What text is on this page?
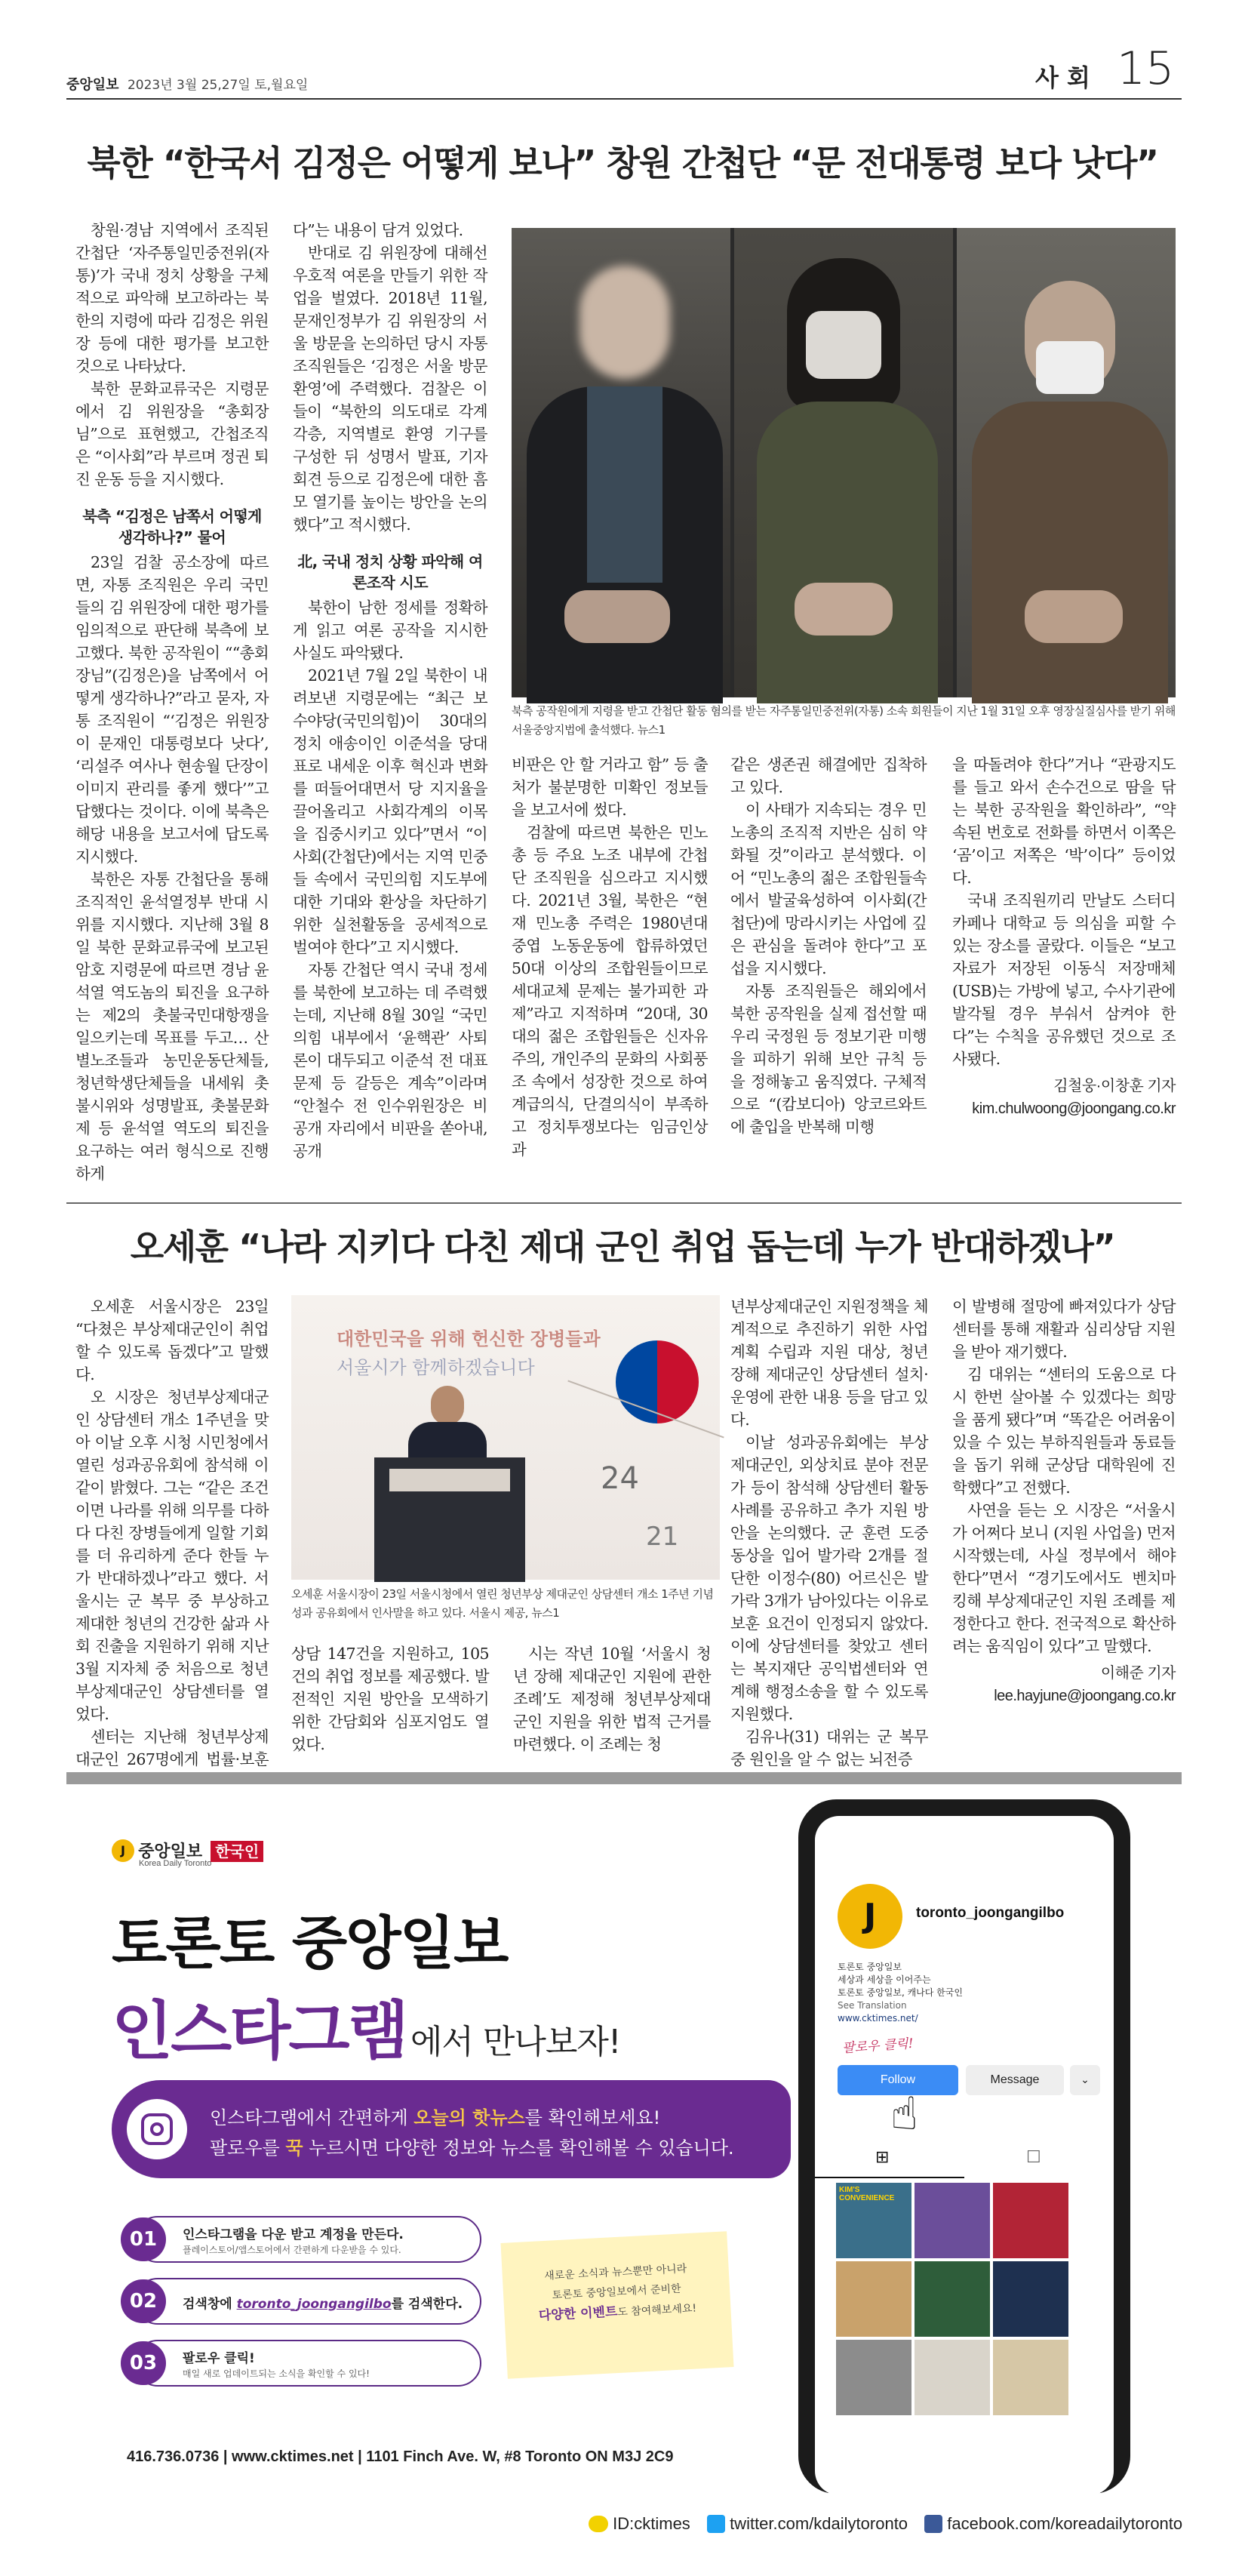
중앙일보 2023년 3월 25,27일 토,월요일	사 회 15
북한 “한국서 김정은 어떻게 보나” 창원 간첩단 “문 전대통령 보다 낫다”

창원·경남 지역에서 조직된 간첩단 ‘자주통일민중전위(자통)’가 국내 정치 상황을 구체적으로 파악해 보고하라는 북한의 지령에 따라 김정은 위원장 등에 대한 평가를 보고한 것으로 나타났다.

북한 문화교류국은 지령문에서 김 위원장을 “총회장님”으로 표현했고, 간첩조직은 “이사회”라 부르며 정권 퇴진 운동 등을 지시했다.

북측 “김정은 남쪽서 어떻게 생각하나?” 물어

23일 검찰 공소장에 따르면, 자통 조직원은 우리 국민들의 김 위원장에 대한 평가를 임의적으로 판단해 북측에 보고했다. 북한 공작원이 ““총회장님”(김정은)을 남쪽에서 어떻게 생각하나?”라고 묻자, 자통 조직원이 “‘김정은 위원장이 문재인 대통령보다 낫다’, ‘리설주 여사나 현송월 단장이 이미지 관리를 좋게 했다’”고 답했다는 것이다. 이에 북측은 해당 내용을 보고서에 답도록 지시했다.

북한은 자통 간첩단을 통해 조직적인 윤석열정부 반대 시위를 지시했다. 지난해 3월 8일 북한 문화교류국에 보고된 암호 지령문에 따르면 경남 윤석열 역도놈의 퇴진을 요구하는 제2의 촛불국민대항쟁을 일으키는데 목표를 두고… 산별노조들과 농민운동단체들, 청년학생단체들을 내세워 촛불시위와 성명발표, 촛불문화제 등 윤석열 역도의 퇴진을 요구하는 여러 형식으로 진행하게

다”는 내용이 담겨 있었다.

반대로 김 위원장에 대해선 우호적 여론을 만들기 위한 작업을 벌였다. 2018년 11월, 문재인정부가 김 위원장의 서울 방문을 논의하던 당시 자통 조직원들은 ‘김정은 서울 방문 환영’에 주력했다. 검찰은 이들이 “북한의 의도대로 각계각층, 지역별로 환영 기구를 구성한 뒤 성명서 발표, 기자회견 등으로 김정은에 대한 흠모 열기를 높이는 방안을 논의했다”고 적시했다.

北, 국내 정치 상황 파악해 여론조작 시도

북한이 남한 정세를 정확하게 읽고 여론 공작을 지시한 사실도 파악됐다.

2021년 7월 2일 북한이 내려보낸 지령문에는 “최근 보수야당(국민의힘)이 30대의 정치 애송이인 이준석을 당대표로 내세운 이후 혁신과 변화를 떠들어대면서 당 지지율을 끌어올리고 사회각계의 이목을 집중시키고 있다”면서 “이사회(간첩단)에서는 지역 민중들 속에서 국민의힘 지도부에 대한 기대와 환상을 차단하기 위한 실천활동을 공세적으로 벌여야 한다”고 지시했다.

자통 간첩단 역시 국내 정세를 북한에 보고하는 데 주력했는데, 지난해 8월 30일 “국민의힘 내부에서 ‘윤핵관’ 사퇴론이 대두되고 이준석 전 대표 문제 등 갈등은 계속”이라며 “안철수 전 인수위원장은 비공개 자리에서 비판을 쏟아내, 공개

북측 공작원에게 지령을 받고 간첩단 활동 혐의를 받는 자주통일민중전위(자통) 소속 회원들이 지난 1월 31일 오후 영장실질심사를 받기 위해 서울중앙지법에 출석했다. 뉴스1

비판은 안 할 거라고 함” 등 출처가 불분명한 미확인 정보들을 보고서에 썼다.

검찰에 따르면 북한은 민노총 등 주요 노조 내부에 간첩단 조직원을 심으라고 지시했다. 2021년 3월, 북한은 “현재 민노총 주력은 1980년대 중엽 노동운동에 합류하였던 50대 이상의 조합원들이므로 세대교체 문제는 불가피한 과제”라고 지적하며 “20대, 30대의 젊은 조합원들은 신자유주의, 개인주의 문화의 사회풍조 속에서 성장한 것으로 하여 계급의식, 단결의식이 부족하고 정치투쟁보다는 임금인상과

같은 생존권 해결에만 집착하고 있다.

이 사태가 지속되는 경우 민노총의 조직적 지반은 심히 약화될 것”이라고 분석했다. 이어 “민노총의 젊은 조합원들속에서 발굴육성하여 이사회(간첩단)에 망라시키는 사업에 깊은 관심을 돌려야 한다”고 포섭을 지시했다.

자통 조직원들은 해외에서 북한 공작원을 실제 접선할 때 우리 국정원 등 정보기관 미행을 피하기 위해 보안 규칙 등을 정해놓고 움직였다. 구체적으로 “(캄보디아) 앙코르와트에 출입을 반복해 미행

을 따돌려야 한다”거나 “관광지도를 들고 와서 손수건으로 땀을 닦는 북한 공작원을 확인하라”, “약속된 번호로 전화를 하면서 이쪽은 ‘곰’이고 저쪽은 ‘박’이다” 등이었다.

국내 조직원끼리 만날도 스터디카페나 대학교 등 의심을 피할 수 있는 장소를 골랐다. 이들은 “보고자료가 저장된 이동식 저장매체(USB)는 가방에 넣고, 수사기관에 발각될 경우 부숴서 삼켜야 한다”는 수칙을 공유했던 것으로 조사됐다.

김철웅·이창훈 기자
kim.chulwoong@joongang.co.kr
오세훈 “나라 지키다 다친 제대 군인 취업 돕는데 누가 반대하겠나”

오세훈 서울시장은 23일 “다쳤은 부상제대군인이 취업할 수 있도록 돕겠다”고 말했다.

오 시장은 청년부상제대군인 상담센터 개소 1주년을 맞아 이날 오후 시청 시민청에서 열린 성과공유회에 참석해 이같이 밝혔다. 그는 “같은 조건이면 나라를 위해 의무를 다하다 다친 장병들에게 일할 기회를 더 유리하게 준다 한들 누가 반대하겠나”라고 했다. 서울시는 군 복무 중 부상하고 제대한 청년의 건강한 삶과 사회 진출을 지원하기 위해 지난 3월 지자체 중 처음으로 청년부상제대군인 상담센터를 열었다.

센터는 지난해 청년부상제대군인 267명에게 법률·보훈

대한민국을 위해 헌신한 장병들과
서울시가 함께하겠습니다
24
21
오세훈 서울시장이 23일 서울시청에서 열린 청년부상 제대군인 상담센터 개소 1주년 기념 성과 공유회에서 인사말을 하고 있다. 서울시 제공, 뉴스1

상담 147건을 지원하고, 105건의 취업 정보를 제공했다. 발전적인 지원 방안을 모색하기 위한 간담회와 심포지엄도 열었다.

시는 작년 10월 ‘서울시 청년 장해 제대군인 지원에 관한 조례’도 제정해 청년부상제대군인 지원을 위한 법적 근거를 마련했다. 이 조례는 청

년부상제대군인 지원정책을 체계적으로 추진하기 위한 사업계획 수립과 지원 대상, 청년 장해 제대군인 상담센터 설치·운영에 관한 내용 등을 담고 있다.

이날 성과공유회에는 부상제대군인, 외상치료 분야 전문가 등이 참석해 상담센터 활동 사례를 공유하고 추가 지원 방안을 논의했다. 군 훈련 도중 동상을 입어 발가락 2개를 절단한 이정수(80) 어르신은 발가락 3개가 남아있다는 이유로 보훈 요건이 인정되지 않았다. 이에 상담센터를 찾았고 센터는 복지재단 공익법센터와 연계해 행정소송을 할 수 있도록 지원했다.

김유나(31) 대위는 군 복무 중 원인을 알 수 없는 뇌전증

이 발병해 절망에 빠져있다가 상담센터를 통해 재활과 심리상담 지원을 받아 재기했다.

김 대위는 “센터의 도움으로 다시 한번 살아볼 수 있겠다는 희망을 품게 됐다”며 “똑같은 어려움이 있을 수 있는 부하직원들과 동료들을 돕기 위해 군상담 대학원에 진학했다”고 전했다.

사연을 듣는 오 시장은 “서울시가 어쩌다 보니 (지원 사업을) 먼저 시작했는데, 사실 정부에서 해야 한다”면서 “경기도에서도 벤치마킹해 부상제대군인 지원 조례를 제정한다고 한다. 전국적으로 확산하려는 움직임이 있다”고 말했다.

이해준 기자
lee.hayjune@joongang.co.kr
J 중앙일보 한국인
Korea Daily Toronto
토론토 중앙일보
인스타그램 에서 만나보자!
인스타그램에서 간편하게 오늘의 핫뉴스를 확인해보세요!
팔로우를 꾹 누르시면 다양한 정보와 뉴스를 확인해볼 수 있습니다.
01	인스타그램을 다운 받고 계정을 만든다.
플레이스토어/앱스토어에서 간편하게 다운받을 수 있다.
02	검색창에 toronto_joongangilbo를 검색한다.
03	팔로우 클릭!
매일 새로 업데이트되는 소식을 확인할 수 있다!
새로운 소식과 뉴스뿐만 아니라
토론토 중앙일보에서 준비한
다양한 이벤트도 참여해보세요!
416.736.0736 | www.cktimes.net | 1101 Finch Ave. W, #8 Toronto ON M3J 2C9
J	toronto_joongangilbo
토론토 중앙일보
세상과 세상을 이어주는
토론토 중앙일보, 캐나다 한국인
See Translation
www.cktimes.net/
팔로우 클릭!
Follow	Message	⌄
☝
⊞	☐
KIM'S CONVENIENCE
ID:cktimes twitter.com/kdailytoronto facebook.com/koreadailytoronto
